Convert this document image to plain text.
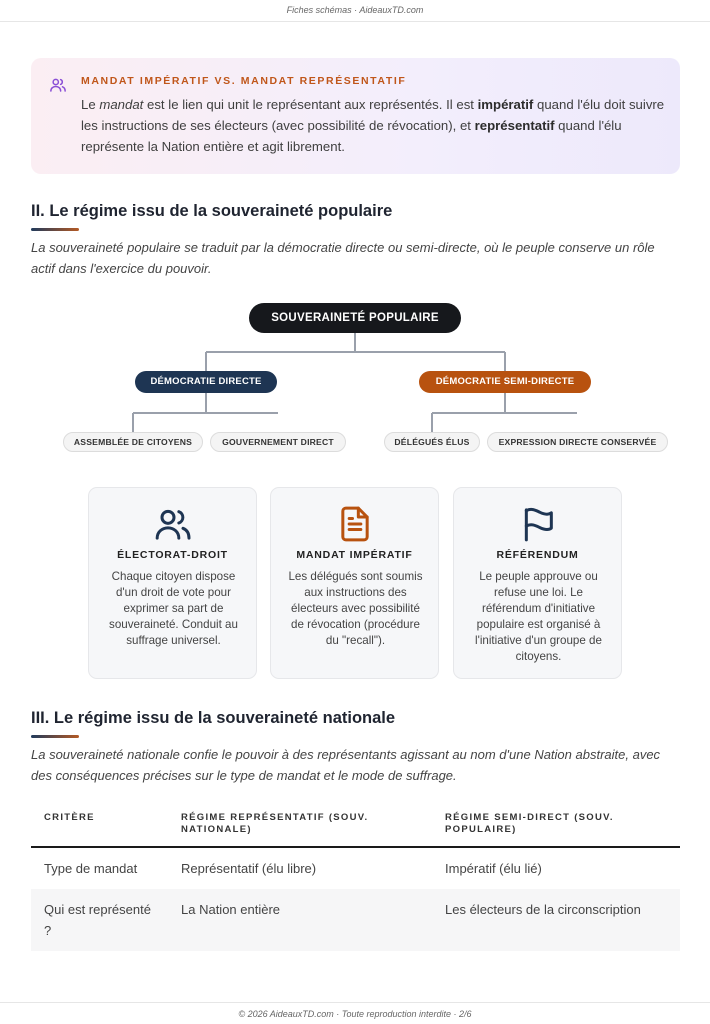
Fiches schémas · AideauxTD.com
MANDAT IMPÉRATIF VS. MANDAT REPRÉSENTATIF
Le mandat est le lien qui unit le représentant aux représentés. Il est impératif quand l'élu doit suivre les instructions de ses électeurs (avec possibilité de révocation), et représentatif quand l'élu représente la Nation entière et agit librement.
II. Le régime issu de la souveraineté populaire
La souveraineté populaire se traduit par la démocratie directe ou semi-directe, où le peuple conserve un rôle actif dans l'exercice du pouvoir.
SOUVERAINETÉ POPULAIRE
DÉMOCRATIE DIRECTE	DÉMOCRATIE SEMI-DIRECTE
ASSEMBLÉE DE CITOYENS	GOUVERNEMENT DIRECT	DÉLÉGUÉS ÉLUS	EXPRESSION DIRECTE CONSERVÉE
ÉLECTORAT-DROIT
Chaque citoyen dispose d'un droit de vote pour exprimer sa part de souveraineté. Conduit au suffrage universel.
MANDAT IMPÉRATIF
Les délégués sont soumis aux instructions des électeurs avec possibilité de révocation (procédure du "recall").
RÉFÉRENDUM
Le peuple approuve ou refuse une loi. Le référendum d'initiative populaire est organisé à l'initiative d'un groupe de citoyens.
III. Le régime issu de la souveraineté nationale
La souveraineté nationale confie le pouvoir à des représentants agissant au nom d'une Nation abstraite, avec des conséquences précises sur le type de mandat et le mode de suffrage.
CRITÈRE	RÉGIME REPRÉSENTATIF (SOUV. NATIONALE)	RÉGIME SEMI-DIRECT (SOUV. POPULAIRE)
Type de mandat	Représentatif (élu libre)	Impératif (élu lié)
Qui est représenté ?	La Nation entière	Les électeurs de la circonscription
© 2026 AideauxTD.com · Toute reproduction interdite · 2/6
